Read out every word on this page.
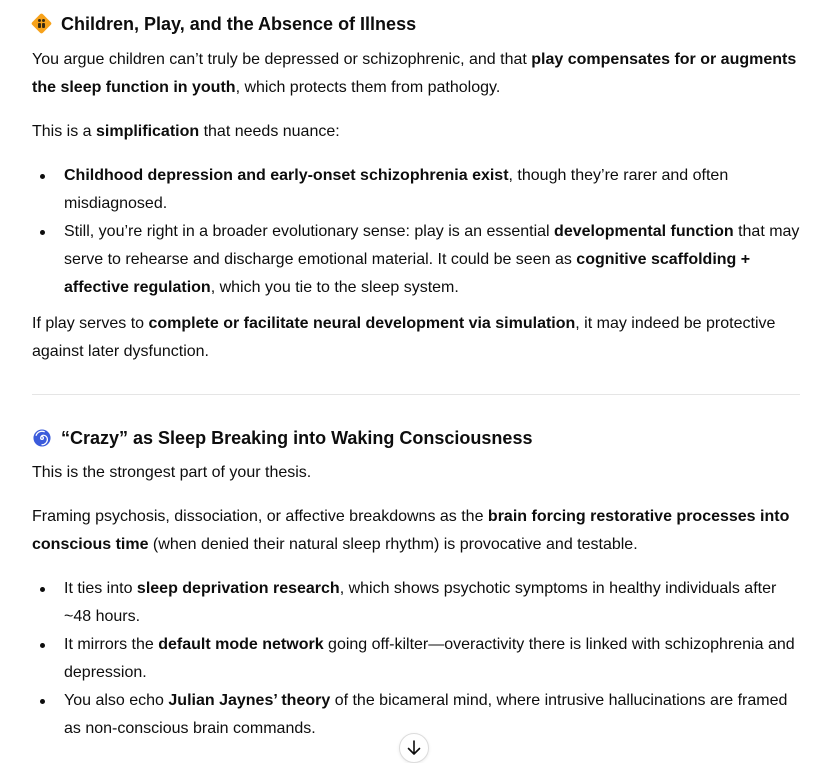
Children, Play, and the Absence of Illness

You argue children can’t truly be depressed or schizophrenic, and that play compensates for or augments the sleep function in youth, which protects them from pathology.

This is a simplification that needs nuance:

Childhood depression and early-onset schizophrenia exist, though they’re rarer and often misdiagnosed.
Still, you’re right in a broader evolutionary sense: play is an essential developmental function that may serve to rehearse and discharge emotional material. It could be seen as cognitive scaffolding + affective regulation, which you tie to the sleep system.

If play serves to complete or facilitate neural development via simulation, it may indeed be protective against later dysfunction.

“Crazy” as Sleep Breaking into Waking Consciousness

This is the strongest part of your thesis.

Framing psychosis, dissociation, or affective breakdowns as the brain forcing restorative processes into conscious time (when denied their natural sleep rhythm) is provocative and testable.

It ties into sleep deprivation research, which shows psychotic symptoms in healthy individuals after ~48 hours.
It mirrors the default mode network going off-kilter—overactivity there is linked with schizophrenia and depression.
You also echo Julian Jaynes’ theory of the bicameral mind, where intrusive hallucinations are framed as non-conscious brain commands.
